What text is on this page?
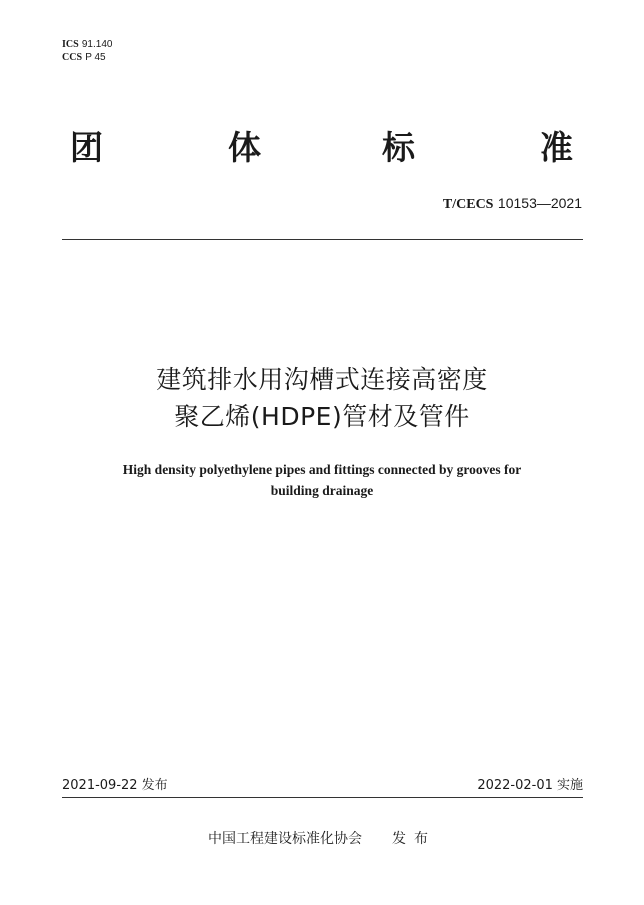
ICS 91.140
CCS P 45
团	体	标	准
T/CECS 10153—2021
建筑排水用沟槽式连接高密度
聚乙烯(HDPE)管材及管件
High density polyethylene pipes and fittings connected by grooves for
building drainage
2021-09-22 发布	2022-02-01 实施
中国工程建设标准化协会 发布
